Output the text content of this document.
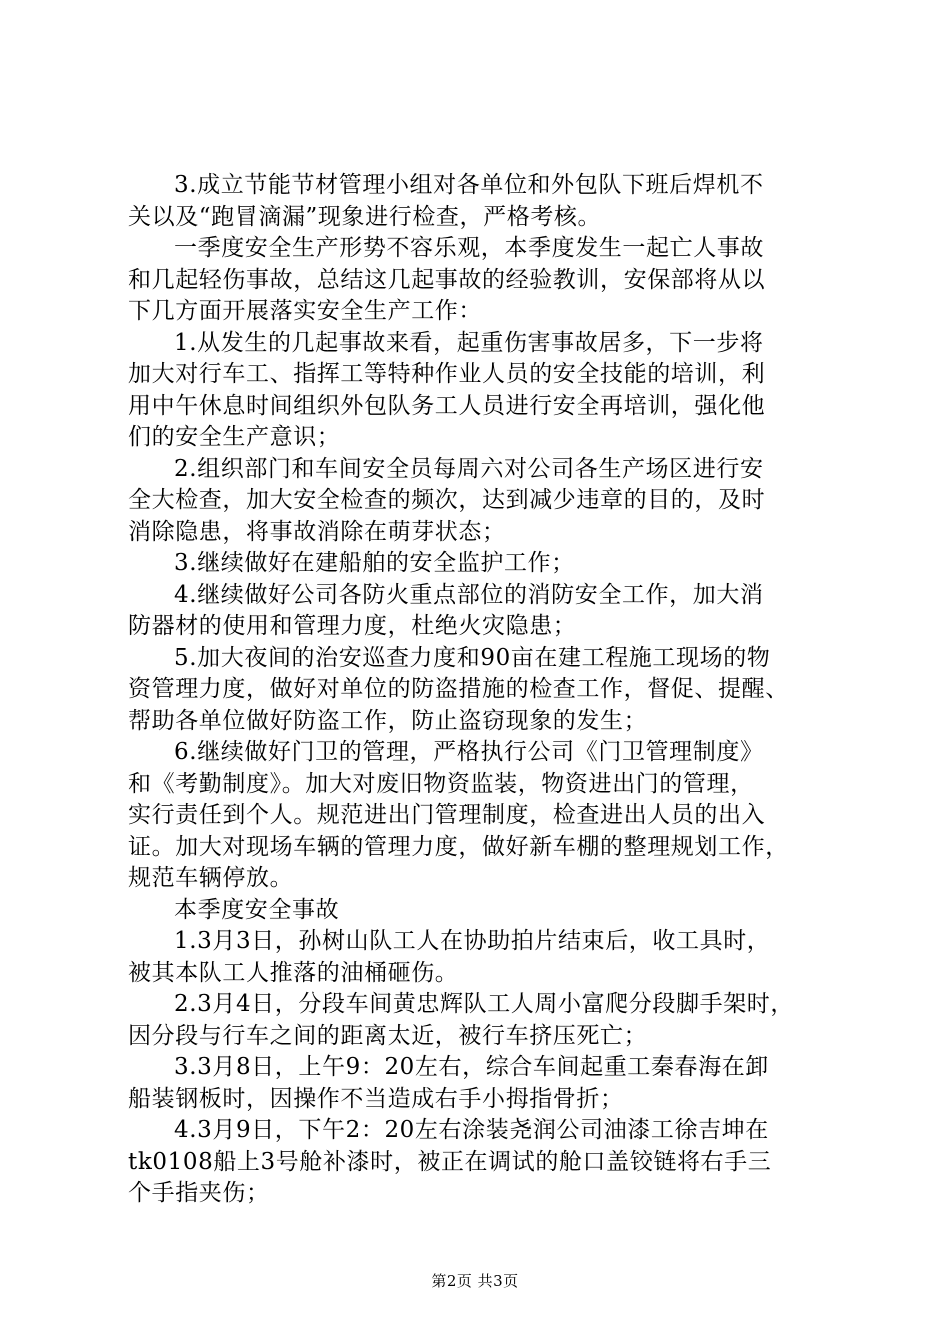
3.成立节能节材管理小组对各单位和外包队下班后焊机不
关以及“跑冒滴漏”现象进行检查，严格考核。
一季度安全生产形势不容乐观，本季度发生一起亡人事故
和几起轻伤事故，总结这几起事故的经验教训，安保部将从以
下几方面开展落实安全生产工作：
1.从发生的几起事故来看，起重伤害事故居多，下一步将
加大对行车工、指挥工等特种作业人员的安全技能的培训，利
用中午休息时间组织外包队务工人员进行安全再培训，强化他
们的安全生产意识；
2.组织部门和车间安全员每周六对公司各生产场区进行安
全大检查，加大安全检查的频次，达到减少违章的目的，及时
消除隐患，将事故消除在萌芽状态；
3.继续做好在建船舶的安全监护工作；
4.继续做好公司各防火重点部位的消防安全工作，加大消
防器材的使用和管理力度，杜绝火灾隐患；
5.加大夜间的治安巡查力度和90亩在建工程施工现场的物
资管理力度，做好对单位的防盗措施的检查工作，督促、提醒、
帮助各单位做好防盗工作，防止盗窃现象的发生；
6.继续做好门卫的管理，严格执行公司《门卫管理制度》
和《考勤制度》。加大对废旧物资监装，物资进出门的管理，
实行责任到个人。规范进出门管理制度，检查进出人员的出入
证。加大对现场车辆的管理力度，做好新车棚的整理规划工作，
规范车辆停放。
本季度安全事故
1.3月3日，孙树山队工人在协助拍片结束后，收工具时，
被其本队工人推落的油桶砸伤。
2.3月4日，分段车间黄忠辉队工人周小富爬分段脚手架时，
因分段与行车之间的距离太近，被行车挤压死亡；
3.3月8日，上午9：20左右，综合车间起重工秦春海在卸
船装钢板时，因操作不当造成右手小拇指骨折；
4.3月9日，下午2：20左右涂装尧润公司油漆工徐吉坤在
tk0108船上3号舱补漆时，被正在调试的舱口盖铰链将右手三
个手指夹伤；
第2页 共3页
